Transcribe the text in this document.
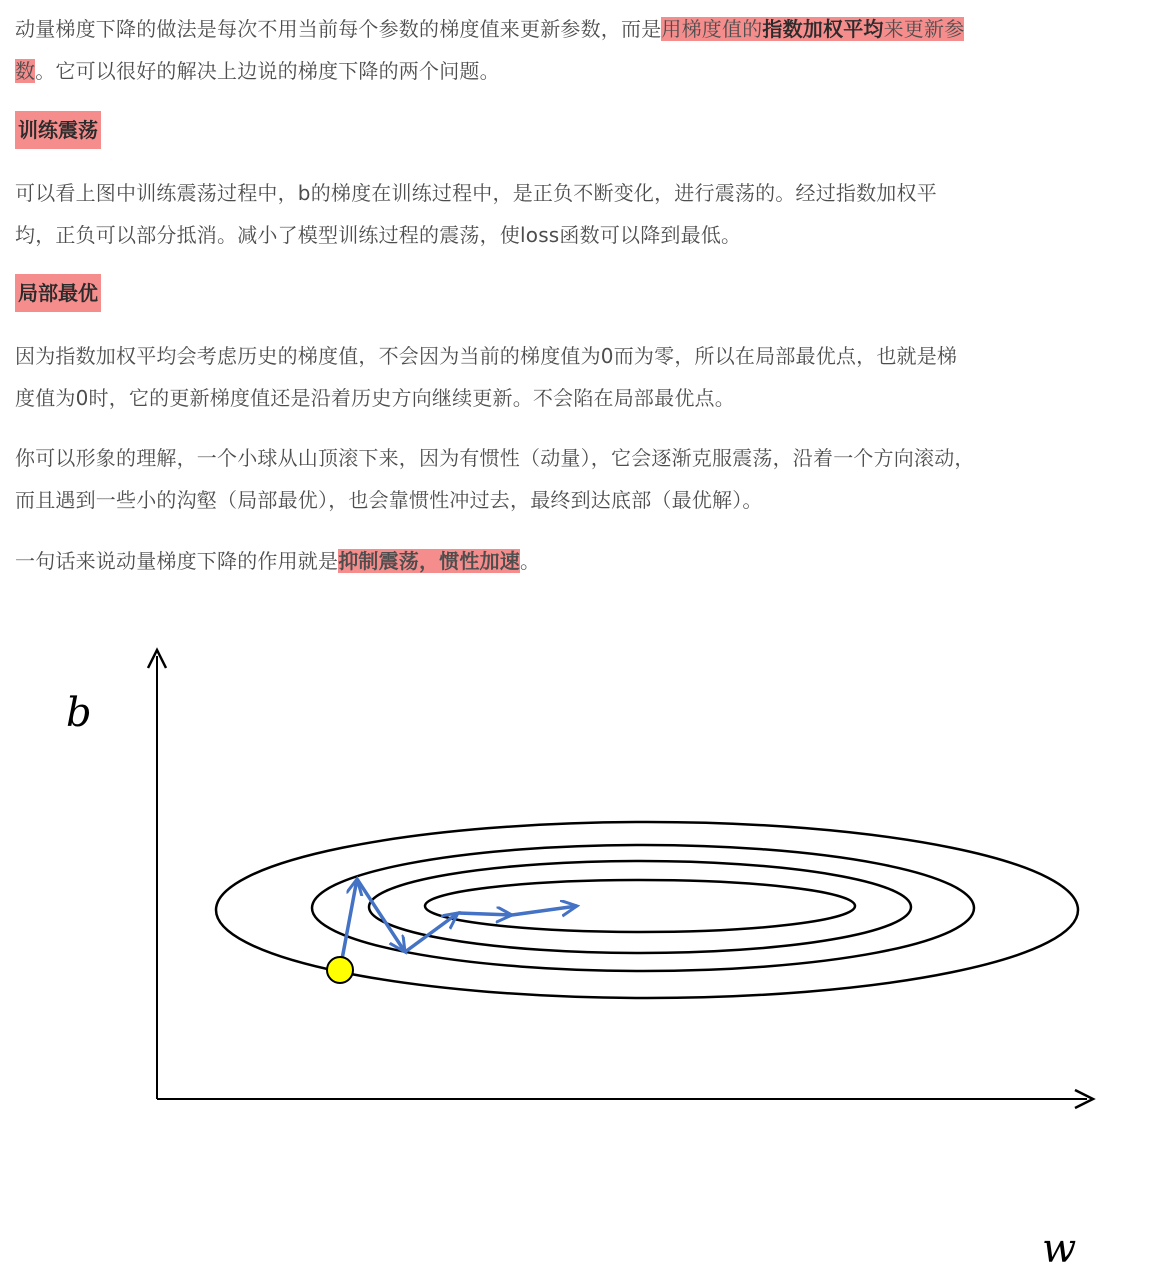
动量梯度下降的做法是每次不用当前每个参数的梯度值来更新参数，而是用梯度值的指数加权平均来更新参
数。它可以很好的解决上边说的梯度下降的两个问题。

训练震荡

可以看上图中训练震荡过程中，b的梯度在训练过程中，是正负不断变化，进行震荡的。经过指数加权平
均，正负可以部分抵消。减小了模型训练过程的震荡，使loss函数可以降到最低。

局部最优

因为指数加权平均会考虑历史的梯度值，不会因为当前的梯度值为0而为零，所以在局部最优点，也就是梯
度值为0时，它的更新梯度值还是沿着历史方向继续更新。不会陷在局部最优点。

你可以形象的理解，一个小球从山顶滚下来，因为有惯性（动量），它会逐渐克服震荡，沿着一个方向滚动，
而且遇到一些小的沟壑（局部最优），也会靠惯性冲过去，最终到达底部（最优解）。

一句话来说动量梯度下降的作用就是抑制震荡，惯性加速。

b
w
